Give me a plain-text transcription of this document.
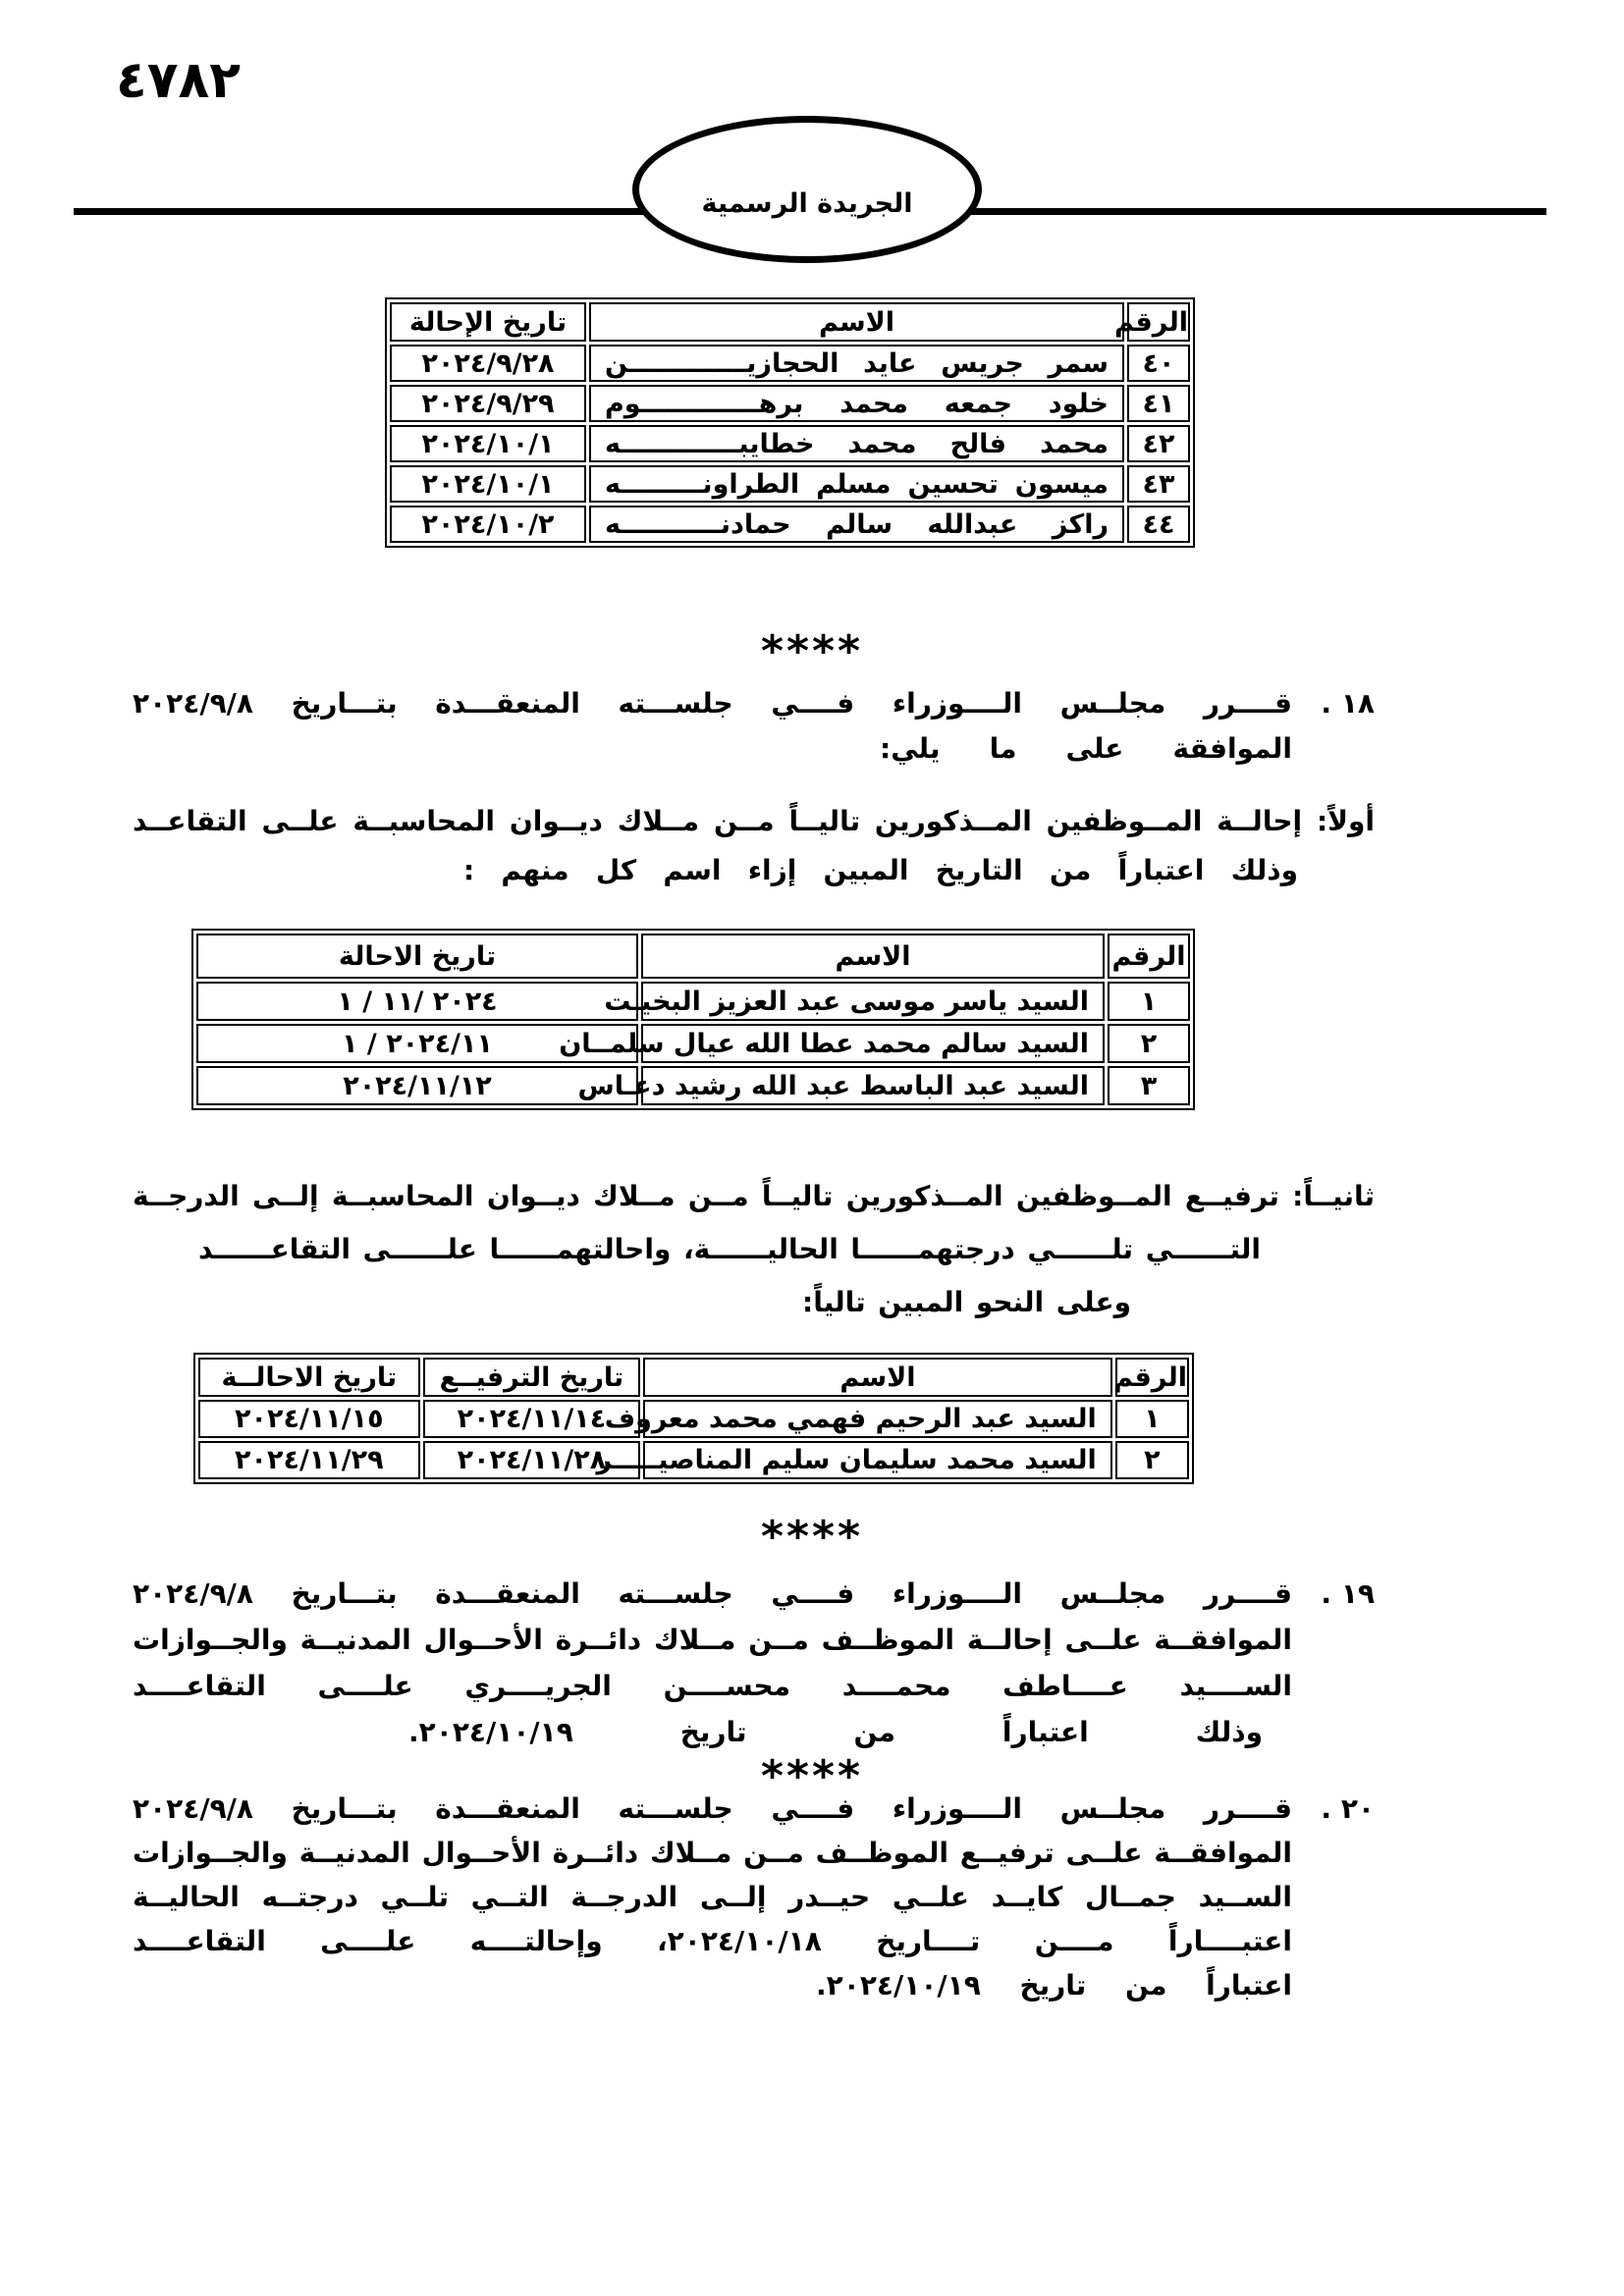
٤٧٨٢
الجريدة الرسمية
الرقم	الاسم	تاريخ الإحالة
٤٠	سمر جريس عايد الحجازيـــــــــــــن	٢٠٢٤/٩/٢٨
٤١	خلود جمعه محمد برهـــــــــــــوم	٢٠٢٤/٩/٢٩
٤٢	محمد فالح محمد خطايبـــــــــــــه	٢٠٢٤/١٠/١
٤٣	ميسون تحسين مسلم الطراونـــــــــه	٢٠٢٤/١٠/١
٤٤	راكز عبدالله سالم حمادنـــــــــــه	٢٠٢٤/١٠/٢
****
١٨ .
قــــرر مجلــس الــــوزراء فــــي جلســـته المنعقـــدة بتـــاريخ ٢٠٢٤/٩/٨
الموافقة على ما يلي:
أولاً: إحالــة المــوظفين المــذكورين تاليــاً مــن مــلاك ديــوان المحاسبــة علــى التقاعــد
وذلك اعتباراً من التاريخ المبين إزاء اسم كل منهم :
الرقم	الاسم	تاريخ الاحالة
١	السيد ياسر موسى عبد العزيز البخيـت	٢٠٢٤ /١١ / ١
٢	السيد سالم محمد عطا الله عيال سلمــان	٢٠٢٤/١١ / ١
٣	السيد عبد الباسط عبد الله رشيد دعـاس	٢٠٢٤/١١/١٢
ثانيــاً: ترفيــع المــوظفين المــذكورين تاليــاً مــن مــلاك ديــوان المحاسبــة إلــى الدرجــة
التــــــي تلــــــي درجتهمــــــا الحاليــــــة، واحالتهمــــــا علــــــى التقاعــــــد
وعلى النحو المبين تالياً:
الرقم	الاسم	تاريخ الترفيــع	تاريخ الاحالــة
١	السيد عبد الرحيم فهمي محمد معروف	٢٠٢٤/١١/١٤	٢٠٢٤/١١/١٥
٢	السيد محمد سليمان سليم المناصيـــــر	٢٠٢٤/١١/٢٨	٢٠٢٤/١١/٢٩
****
١٩ .
قــــرر مجلــس الــــوزراء فــــي جلســـته المنعقـــدة بتـــاريخ ٢٠٢٤/٩/٨
الموافقــة علــى إحالــة الموظــف مــن مــلاك دائــرة الأحــوال المدنيــة والجــوازات
الســــيد عــــاطف محمــــد محســــن الجريــــري علــــى التقاعــــد
وذلك اعتباراً من تاريخ ٢٠٢٤/١٠/١٩.
****
٢٠ .
قــــرر مجلــس الــــوزراء فــــي جلســـته المنعقـــدة بتـــاريخ ٢٠٢٤/٩/٨
الموافقــة علــى ترفيــع الموظــف مــن مــلاك دائــرة الأحــوال المدنيــة والجــوازات
الســيد جمــال كايــد علــي حيــدر إلــى الدرجــة التــي تلــي درجتــه الحاليــة
اعتبــــاراً مــــن تــــاريخ ٢٠٢٤/١٠/١٨، وإحالتــــه علــــى التقاعــــد
اعتباراً من تاريخ ٢٠٢٤/١٠/١٩.
